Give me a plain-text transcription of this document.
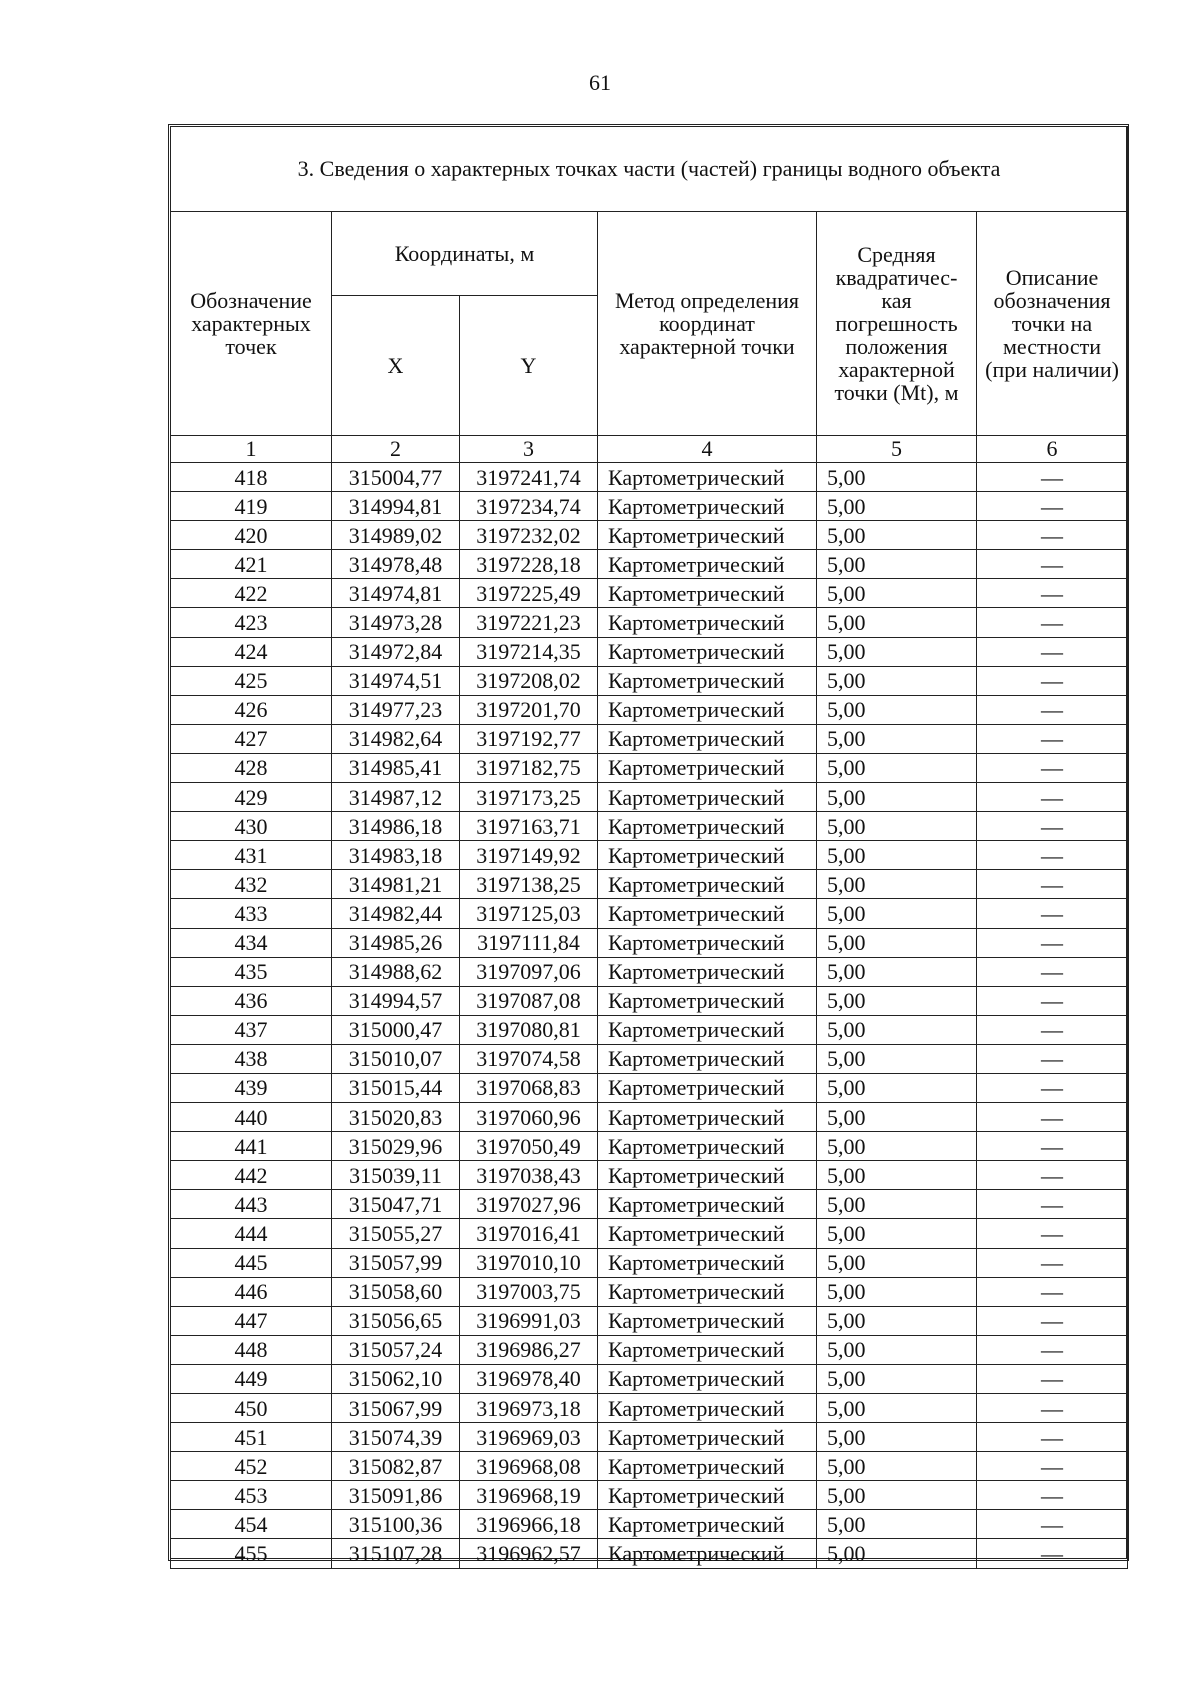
61
3. Сведения о характерных точках части (частей) границы водного объекта					
Обозначение характерных точек	Координаты, м		Метод определения координат характерной точки	Средняя квадратичес- кая погрешность положения характерной точки (Mt), м	Описание обозначения точки на местности (при наличии)
	X	Y			
1	2	3	4	5	6
418	315004,77	3197241,74	Картометрический	5,00	—
419	314994,81	3197234,74	Картометрический	5,00	—
420	314989,02	3197232,02	Картометрический	5,00	—
421	314978,48	3197228,18	Картометрический	5,00	—
422	314974,81	3197225,49	Картометрический	5,00	—
423	314973,28	3197221,23	Картометрический	5,00	—
424	314972,84	3197214,35	Картометрический	5,00	—
425	314974,51	3197208,02	Картометрический	5,00	—
426	314977,23	3197201,70	Картометрический	5,00	—
427	314982,64	3197192,77	Картометрический	5,00	—
428	314985,41	3197182,75	Картометрический	5,00	—
429	314987,12	3197173,25	Картометрический	5,00	—
430	314986,18	3197163,71	Картометрический	5,00	—
431	314983,18	3197149,92	Картометрический	5,00	—
432	314981,21	3197138,25	Картометрический	5,00	—
433	314982,44	3197125,03	Картометрический	5,00	—
434	314985,26	3197111,84	Картометрический	5,00	—
435	314988,62	3197097,06	Картометрический	5,00	—
436	314994,57	3197087,08	Картометрический	5,00	—
437	315000,47	3197080,81	Картометрический	5,00	—
438	315010,07	3197074,58	Картометрический	5,00	—
439	315015,44	3197068,83	Картометрический	5,00	—
440	315020,83	3197060,96	Картометрический	5,00	—
441	315029,96	3197050,49	Картометрический	5,00	—
442	315039,11	3197038,43	Картометрический	5,00	—
443	315047,71	3197027,96	Картометрический	5,00	—
444	315055,27	3197016,41	Картометрический	5,00	—
445	315057,99	3197010,10	Картометрический	5,00	—
446	315058,60	3197003,75	Картометрический	5,00	—
447	315056,65	3196991,03	Картометрический	5,00	—
448	315057,24	3196986,27	Картометрический	5,00	—
449	315062,10	3196978,40	Картометрический	5,00	—
450	315067,99	3196973,18	Картометрический	5,00	—
451	315074,39	3196969,03	Картометрический	5,00	—
452	315082,87	3196968,08	Картометрический	5,00	—
453	315091,86	3196968,19	Картометрический	5,00	—
454	315100,36	3196966,18	Картометрический	5,00	—
455	315107,28	3196962,57	Картометрический	5,00	—
